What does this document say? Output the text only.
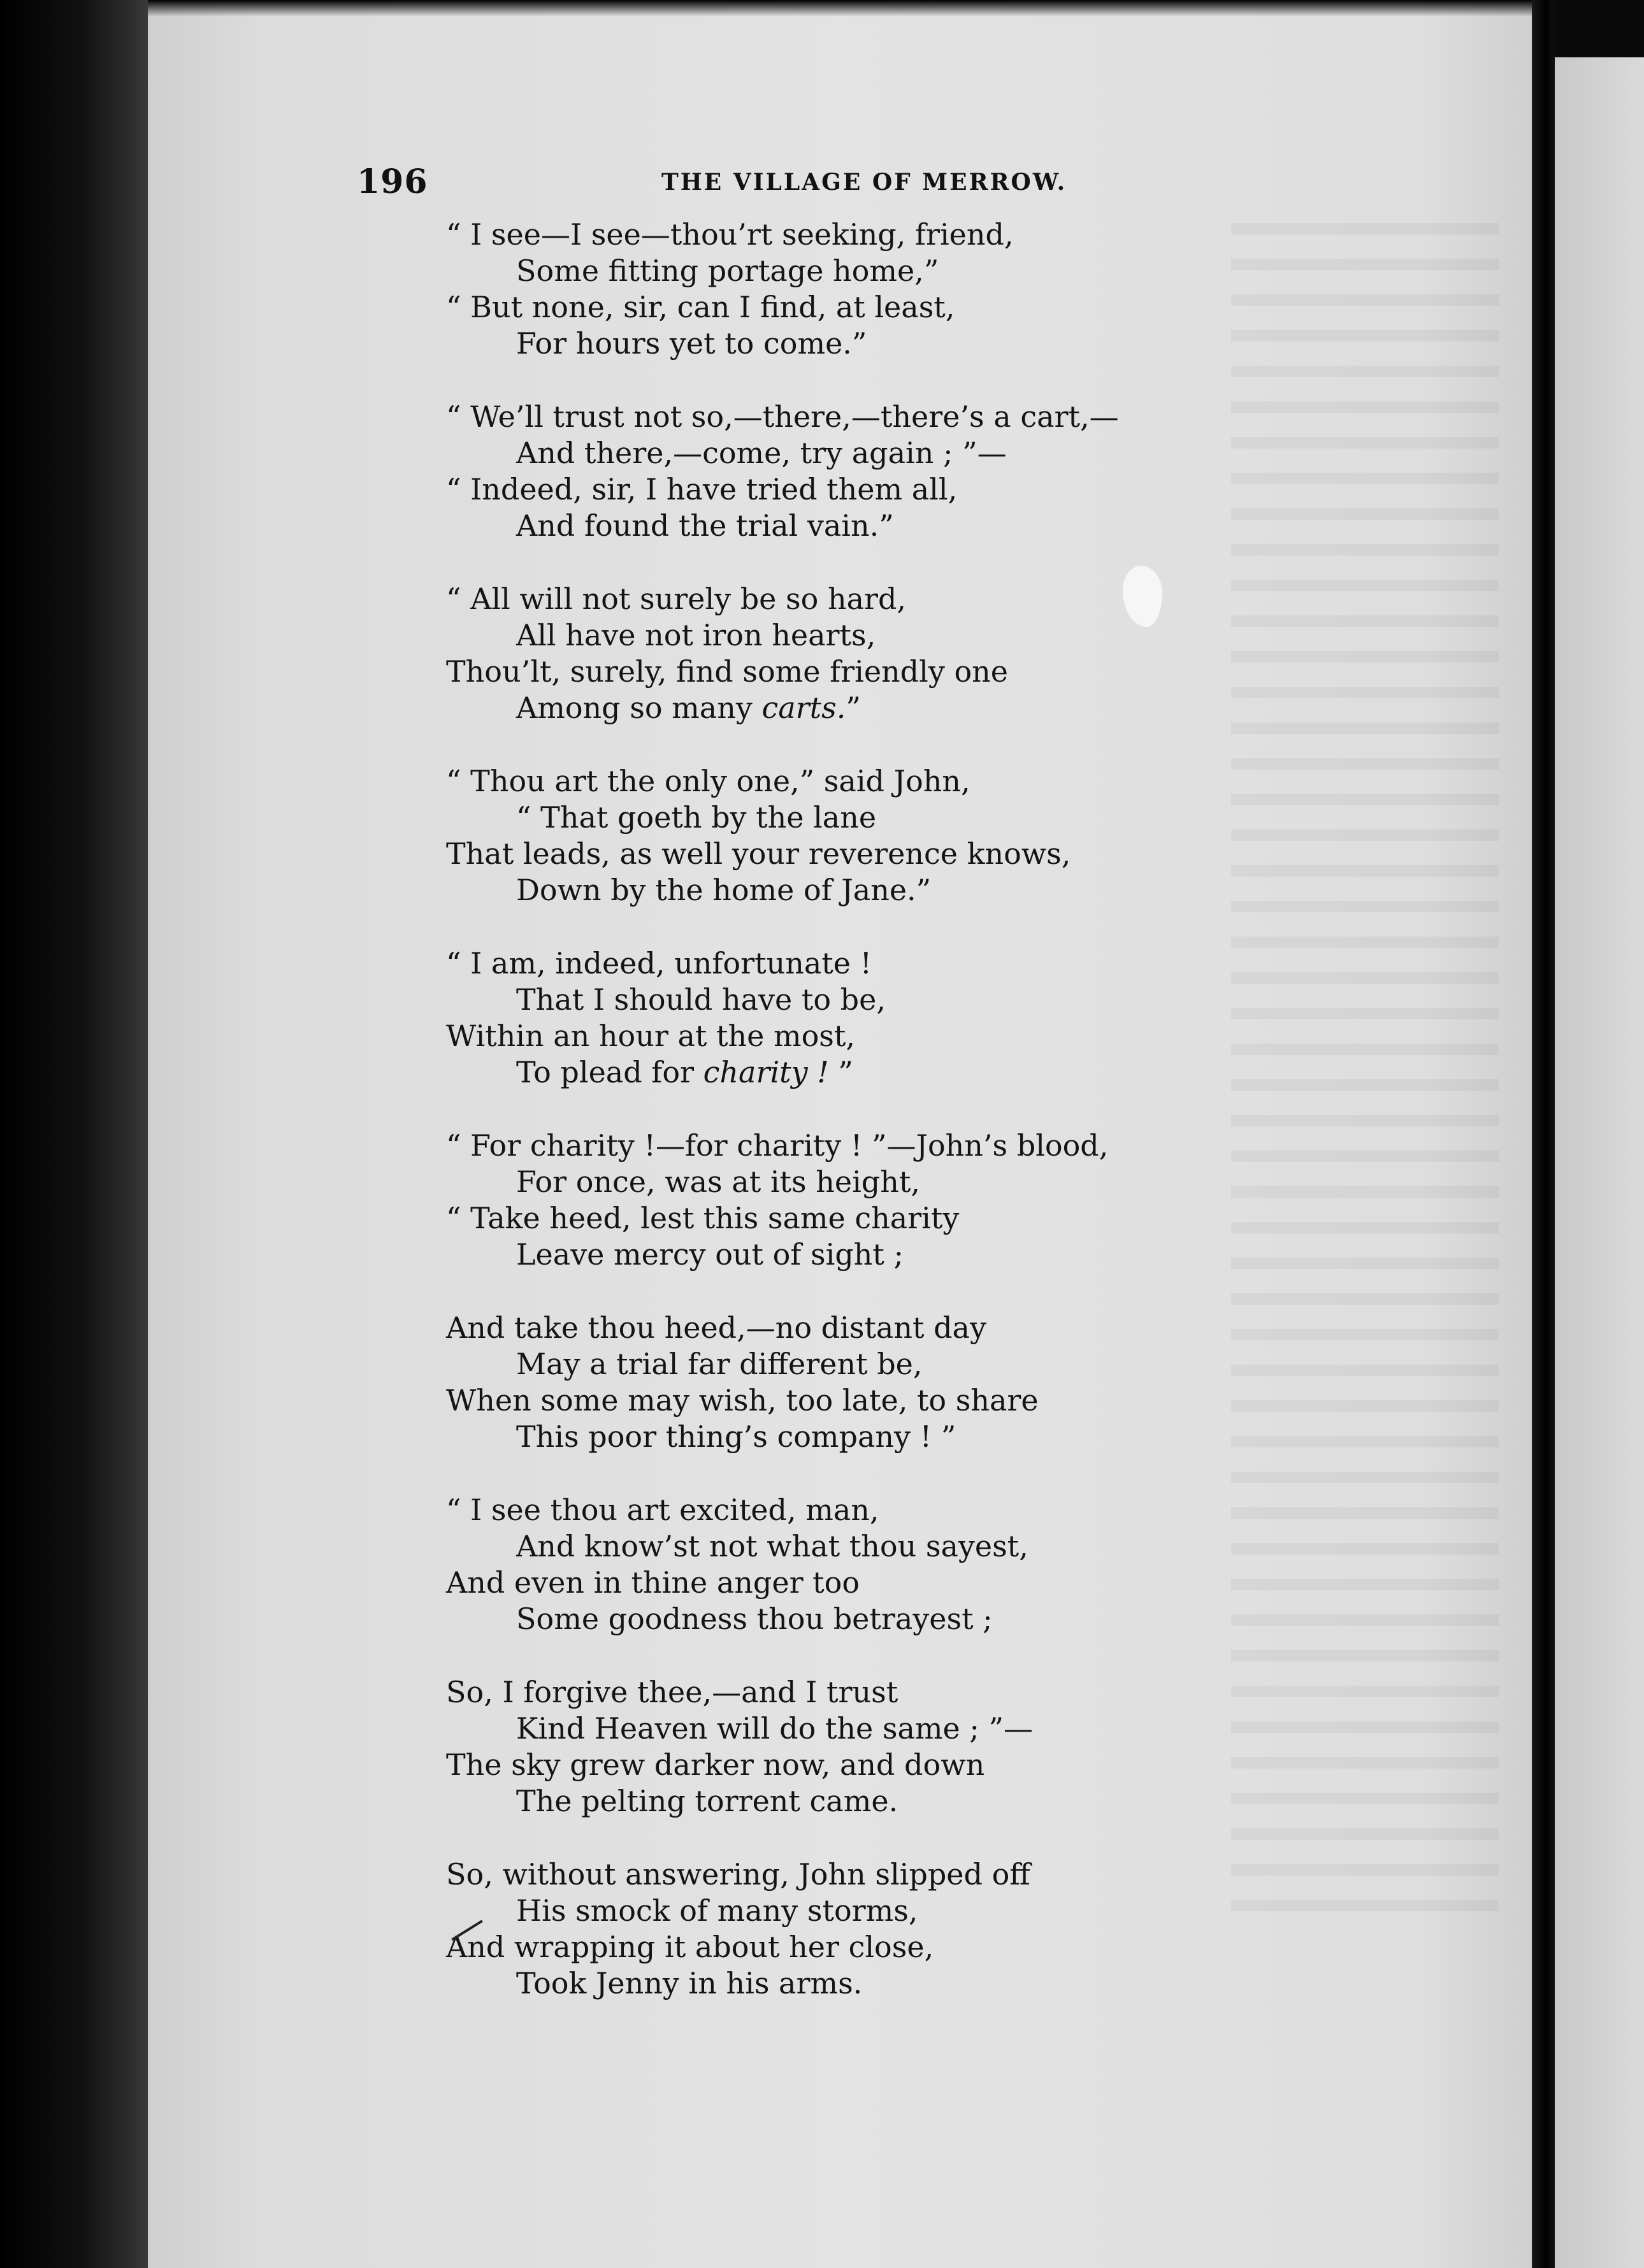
196	THE VILLAGE OF MERROW.
“ I see—I see—thou’rt seeking, friend,
Some fitting portage home,”
“ But none, sir, can I find, at least,
For hours yet to come.”
“ We’ll trust not so,—there,—there’s a cart,—
And there,—come, try again ; ”—
“ Indeed, sir, I have tried them all,
And found the trial vain.”
“ All will not surely be so hard,
All have not iron hearts,
Thou’lt, surely, find some friendly one
Among so many carts.”
“ Thou art the only one,” said John,
“ That goeth by the lane
That leads, as well your reverence knows,
Down by the home of Jane.”
“ I am, indeed, unfortunate !
That I should have to be,
Within an hour at the most,
To plead for charity ! ”
“ For charity !—for charity ! ”—John’s blood,
For once, was at its height,
“ Take heed, lest this same charity
Leave mercy out of sight ;
And take thou heed,—no distant day
May a trial far different be,
When some may wish, too late, to share
This poor thing’s company ! ”
“ I see thou art excited, man,
And know’st not what thou sayest,
And even in thine anger too
Some goodness thou betrayest ;
So, I forgive thee,—and I trust
Kind Heaven will do the same ; ”—
The sky grew darker now, and down
The pelting torrent came.
So, without answering, John slipped off
His smock of many storms,
And wrapping it about her close,
Took Jenny in his arms.
